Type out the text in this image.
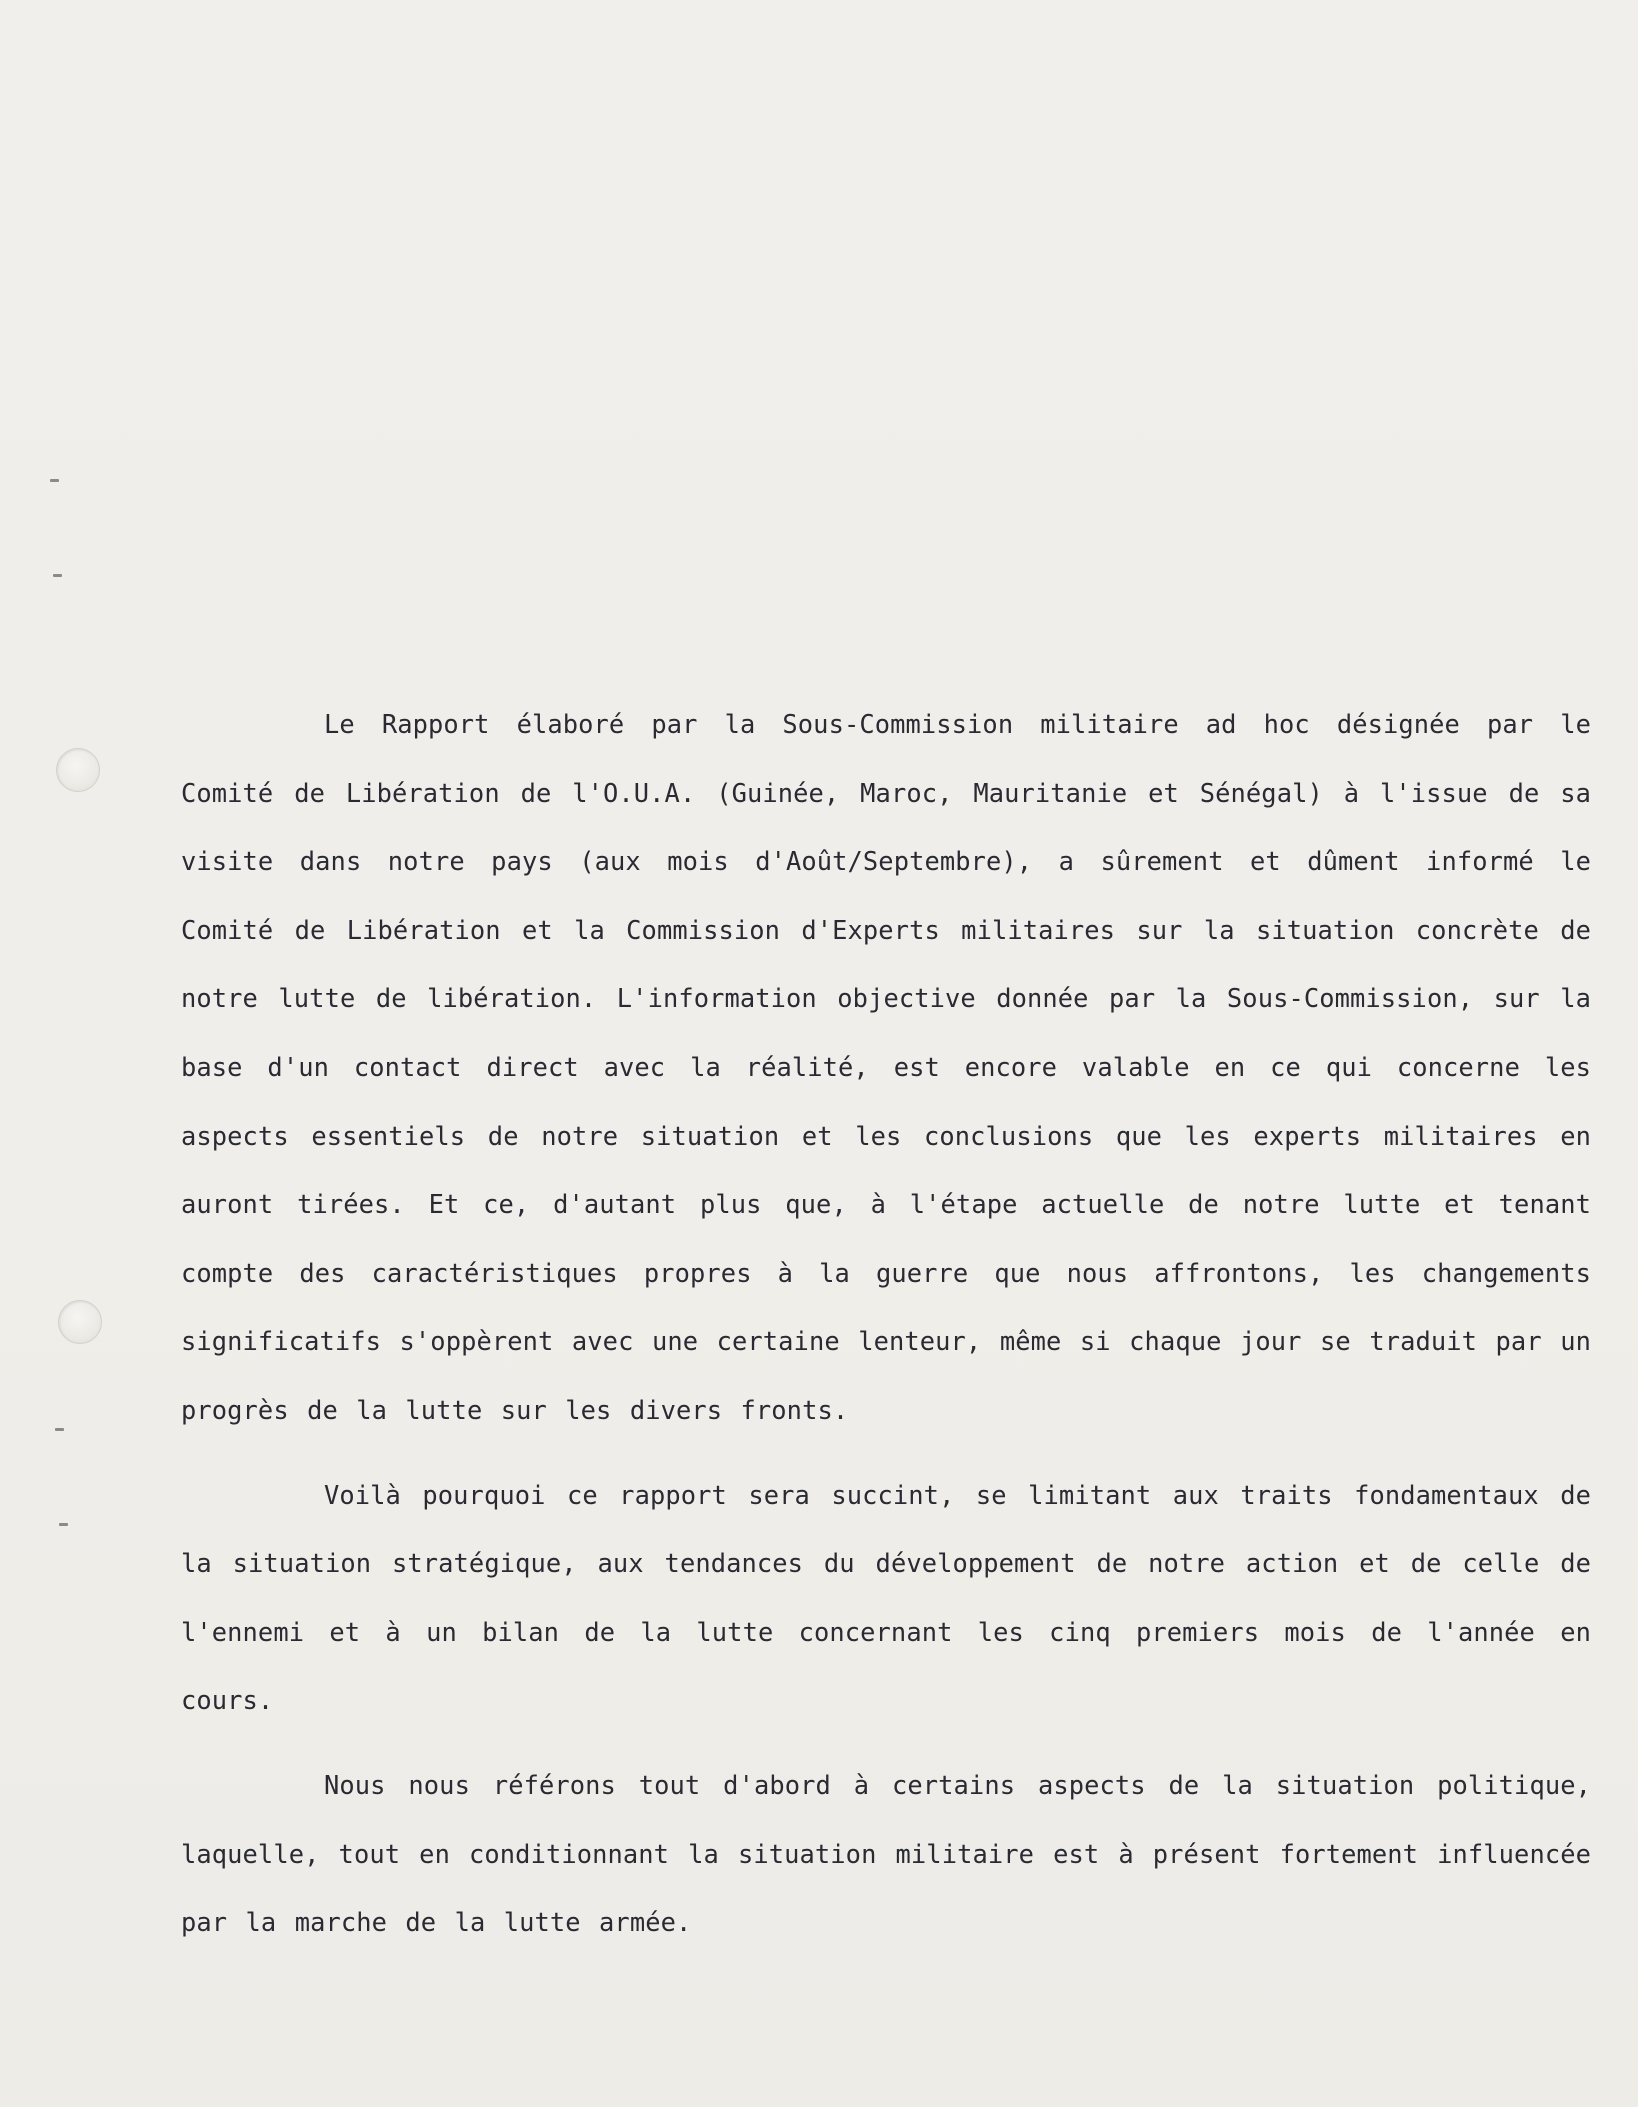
Le Rapport élaboré par la Sous-Commission militaire ad hoc désignée par le Comité de Libération de l'O.U.A. (Guinée, Maroc, Mauritanie et Sénégal) à l'issue de sa visite dans notre pays (aux mois d'Août/Septembre), a sûrement et dûment informé le Comité de Libération et la Commission d'Experts militaires sur la situation concrète de notre lutte de libération. L'information objective donnée par la Sous-Commission, sur la base d'un contact direct avec la réalité, est encore valable en ce qui concerne les aspects essentiels de notre situation et les conclusions que les experts militaires en auront tirées. Et ce, d'autant plus que, à l'étape actuelle de notre lutte et tenant compte des caractéristiques propres à la guerre que nous affrontons, les changements significatifs s'oppèrent avec une certaine lenteur, même si chaque jour se traduit par un progrès de la lutte sur les divers fronts.

Voilà pourquoi ce rapport sera succint, se limitant aux traits fondamentaux de la situation stratégique, aux tendances du développement de notre action et de celle de l'ennemi et à un bilan de la lutte concernant les cinq premiers mois de l'année en cours.

Nous nous référons tout d'abord à certains aspects de la situation politique, laquelle, tout en conditionnant la situation militaire est à présent fortement influencée par la marche de la lutte armée.
